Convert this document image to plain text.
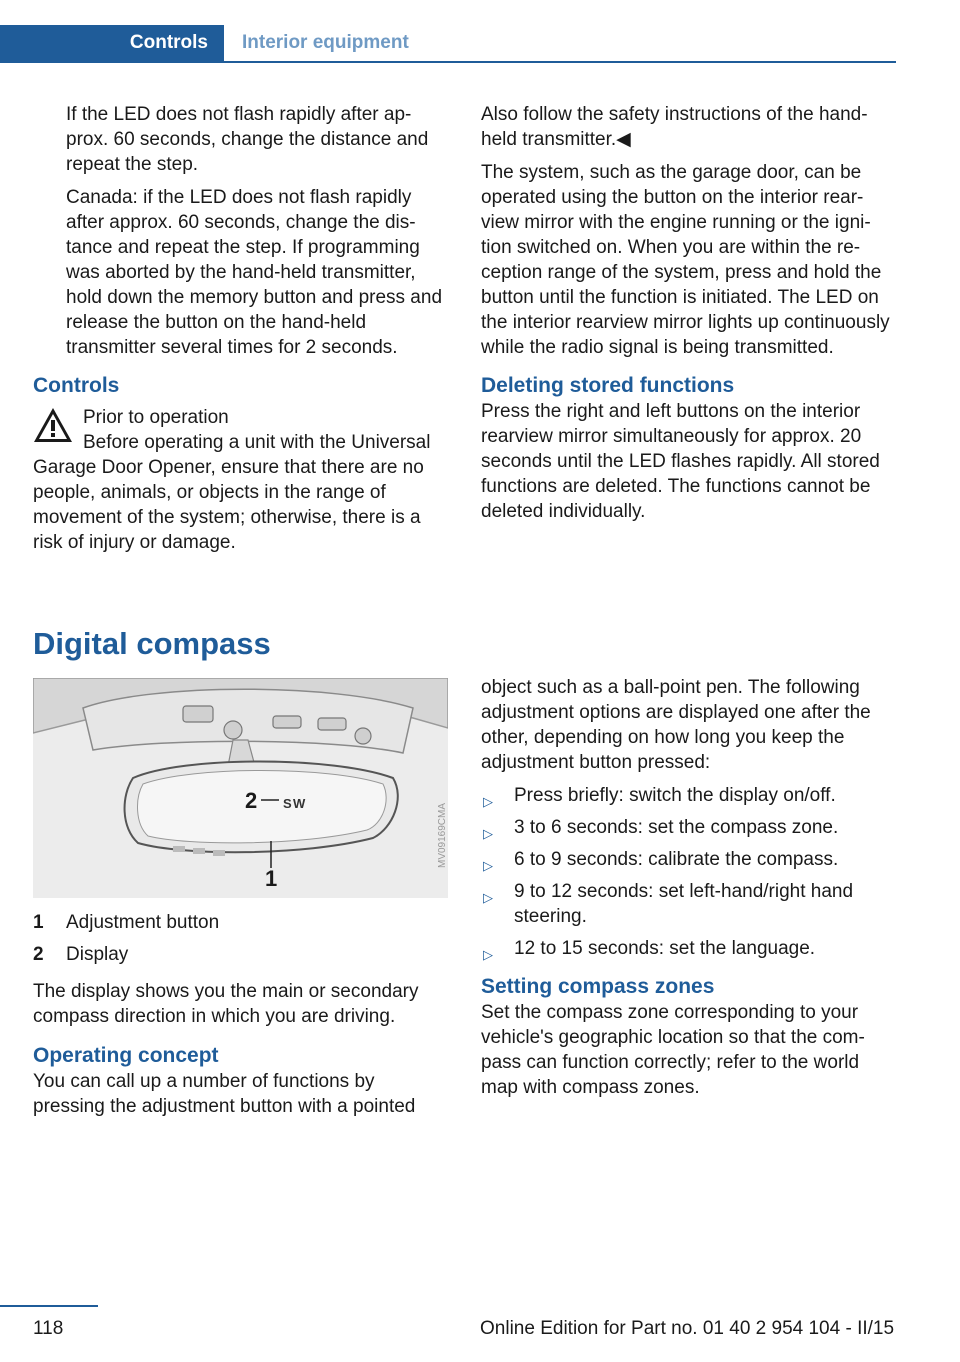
Controls	Interior equipment

If the LED does not flash rapidly after ap‐ prox. 60 seconds, change the distance and repeat the step.

Canada: if the LED does not flash rapidly after approx. 60 seconds, change the dis‐ tance and repeat the step. If programming was aborted by the hand-held transmitter, hold down the memory button and press and release the button on the hand-held transmitter several times for 2 seconds.

Controls

Prior to operation

Before operating a unit with the Universal Garage Door Opener, ensure that there are no people, animals, or objects in the range of movement of the system; otherwise, there is a risk of injury or damage.

Also follow the safety instructions of the hand‐ held transmitter.◀

The system, such as the garage door, can be operated using the button on the interior rear‐ view mirror with the engine running or the igni‐ tion switched on. When you are within the re‐ ception range of the system, press and hold the button until the function is initiated. The LED on the interior rearview mirror lights up continuously while the radio signal is being transmitted.

Deleting stored functions

Press the right and left buttons on the interior rearview mirror simultaneously for approx. 20 seconds until the LED flashes rapidly. All stored functions are deleted. The functions cannot be deleted individually.

Digital compass
2
1
MV09169CMA
S W
1	Adjustment button
2	Display

The display shows you the main or secondary compass direction in which you are driving.

Operating concept

You can call up a number of functions by pressing the adjustment button with a pointed

object such as a ball-point pen. The following adjustment options are displayed one after the other, depending on how long you keep the adjustment button pressed:

▷ Press briefly: switch the display on/off.
▷ 3 to 6 seconds: set the compass zone.
▷ 6 to 9 seconds: calibrate the compass.
▷ 9 to 12 seconds: set left-hand/right hand steering.
▷ 12 to 15 seconds: set the language.
Setting compass zones

Set the compass zone corresponding to your vehicle's geographic location so that the com‐ pass can function correctly; refer to the world map with compass zones.

118	Online Edition for Part no. 01 40 2 954 104 - II/15
